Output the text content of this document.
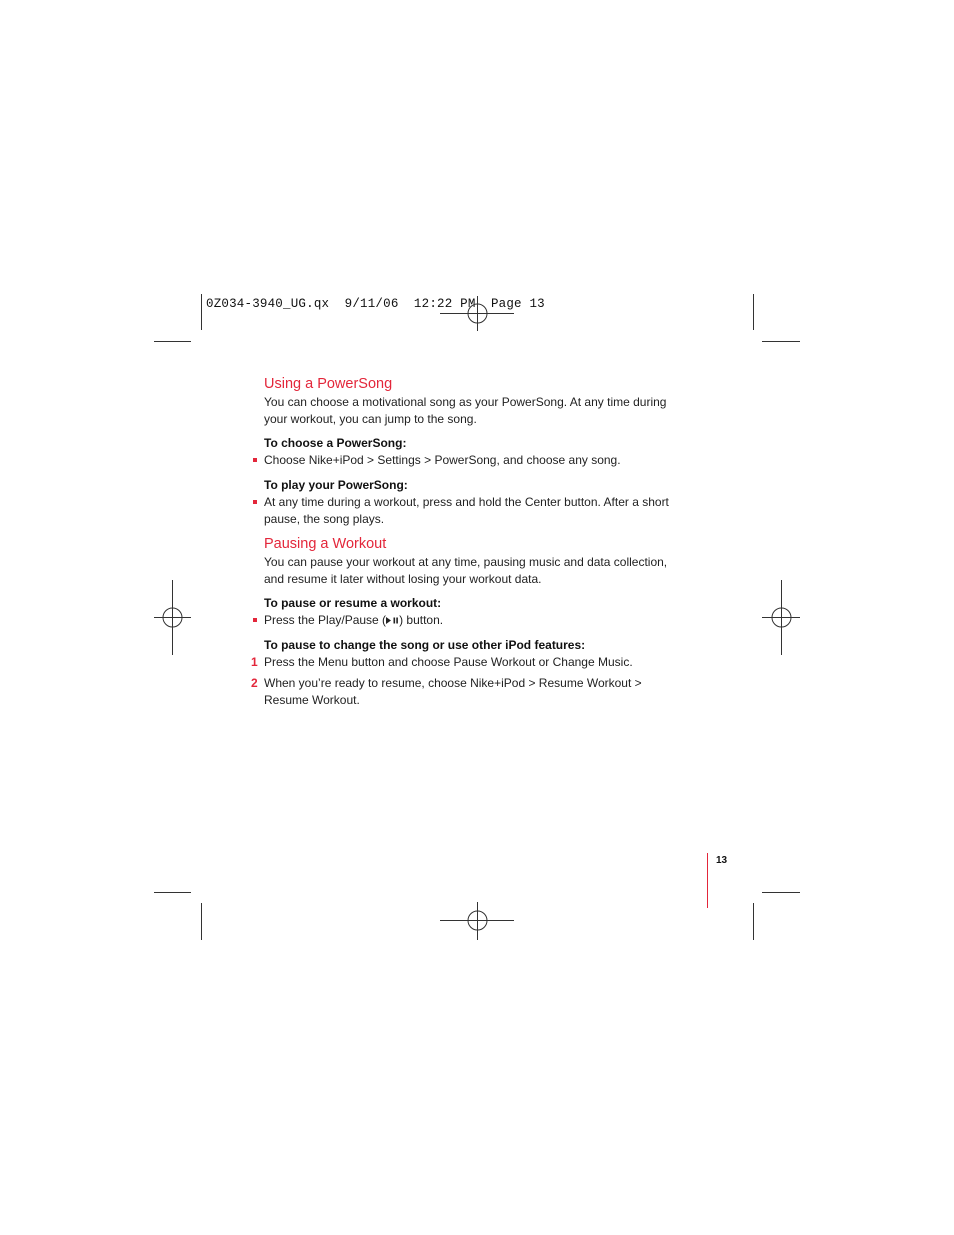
0Z034-3940_UG.qx  9/11/06  12:22 PM  Page 13
Using a PowerSong

You can choose a motivational song as your PowerSong. At any time during your workout, you can jump to the song.

To choose a PowerSong:

Choose Nike+iPod > Settings > PowerSong, and choose any song.

To play your PowerSong:

At any time during a workout, press and hold the Center button. After a short pause, the song plays.
Pausing a Workout

You can pause your workout at any time, pausing music and data collection, and resume it later without losing your workout data.

To pause or resume a workout:

Press the Play/Pause ( ) button.

To pause to change the song or use other iPod features:

1 Press the Menu button and choose Pause Workout or Change Music.
2 When you’re ready to resume, choose Nike+iPod > Resume Workout > Resume Workout.
13
